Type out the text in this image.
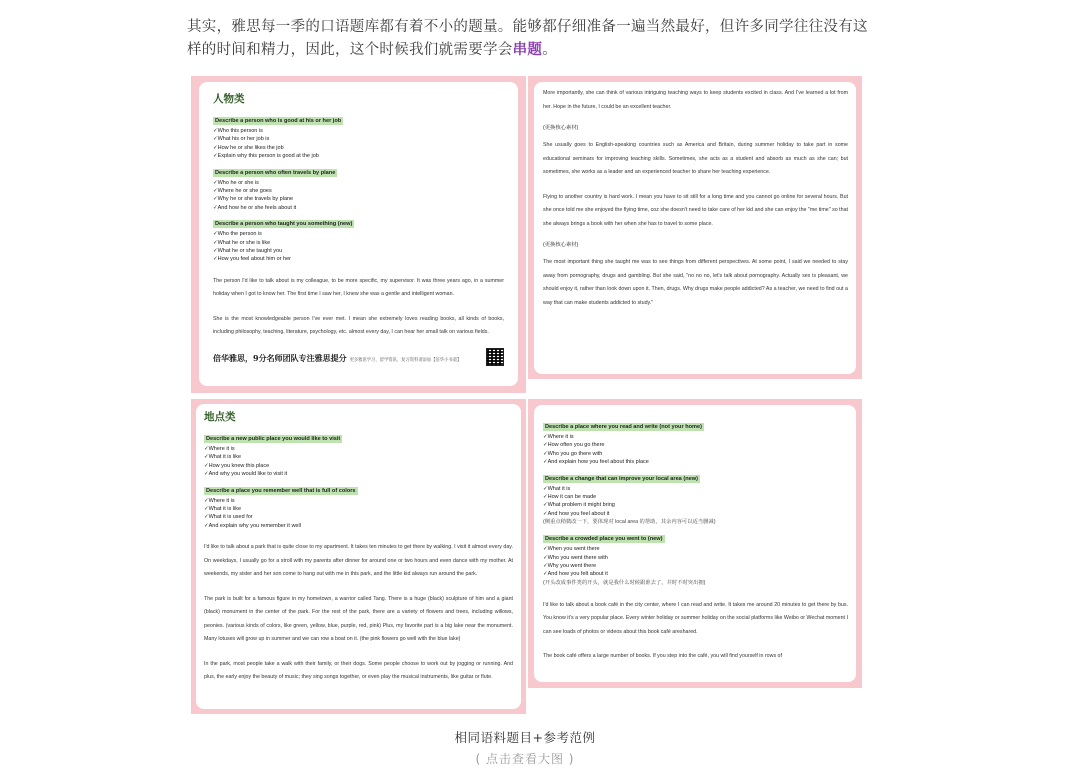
其实，雅思每一季的口语题库都有着不小的题量。能够都仔细准备一遍当然最好，但许多同学往往没有这样的时间和精力，因此，这个时候我们就需要学会串题。
人物类
Describe a person who is good at his or her job
✓ Who this person is
✓ What his or her job is
✓ How he or she likes the job
✓ Explain why this person is good at the job
Describe a person who often travels by plane
✓ Who he or she is
✓ Where he or she goes
✓ Why he or she travels by plane
✓ And how he or she feels about it
Describe a person who taught you something (new)
✓ Who the person is
✓ What he or she is like
✓ What he or she taught you
✓ How you feel about him or her
The person I'd like to talk about is my colleague, to be more specific, my supervisor. It was three years ago, in a summer holiday when I got to know her. The first time I saw her, I knew she was a gentle and intelligent woman.
She is the most knowledgeable person I've ever met. I mean she extremely loves reading books, all kinds of books, including philosophy, teaching, literature, psychology, etc. almost every day, I can hear her small talk on various fields.
倍华雅思，9分名师团队专注雅思提分 更多雅思学习、留学资讯、复习资料请添加【倍华小书童】
More importantly, she can think of various intriguing teaching ways to keep students excited in class. And I've learned a lot from her. Hope in the future, I could be an excellent teacher.
(更换核心素材)
She usually goes to English-speaking countries such as America and Britain, during summer holiday to take part in some educational seminars for improving teaching skills. Sometimes, she acts as a student and absorb as much as she can; but sometimes, she works as a leader and an experienced teacher to share her teaching experience.
Flying to another country is hard work. I mean you have to sit still for a long time and you cannot go online for several hours. But she once told me she enjoyed the flying time, coz she doesn't need to take care of her kid and she can enjoy the "me time" so that she always brings a book with her when she has to travel to some place.
(更换核心素材)
The most important thing she taught me was to see things from different perspectives. At some point, I said we needed to stay away from pornography, drugs and gambling. But she said, "no no no, let's talk about pornography. Actually sex is pleasant, we should enjoy it, rather than look down upon it. Then, drugs. Why drugs make people addicted? As a teacher, we need to find out a way that can make students addicted to study."
地点类
Describe a new public place you would like to visit
✓ Where it is
✓ What it is like
✓ How you knew this place
✓ And why you would like to visit it
Describe a place you remember well that is full of colors
✓ Where it is
✓ What it is like
✓ What it is used for
✓ And explain why you remember it well
I'd like to talk about a park that is quite close to my apartment. It takes ten minutes to get there by walking. I visit it almost every day. On weekdays, I usually go for a stroll with my parents after dinner for around one or two hours and even dance with my mother. At weekends, my sister and her son come to hang out with me in this park, and the little kid always run around the park.
The park is built for a famous figure in my hometown, a warrior called Tang. There is a huge (black) sculpture of him and a giant (black) monument in the center of the park. For the rest of the park, there are a variety of flowers and trees, including willows, peonies. (various kinds of colors, like green, yellow, blue, purple, red, pink) Plus, my favorite part is a big lake near the monument. Many lotuses will grow up in summer and we can row a boat on it. (the pink flowers go well with the blue lake)
In the park, most people take a walk with their family, or their dogs. Some people choose to work out by jogging or running. And plus, the early enjoy the beauty of music; they sing songs together, or even play the musical instruments, like guitar or flute.
Describe a place where you read and write (not your home)
✓ Where it is
✓ How often you go there
✓ Who you go there with
✓ And explain how you feel about this place
Describe a change that can improve your local area (new)
✓ What it is
✓ How it can be made
✓ What problem it might bring
✓ And how you feel about it
(侧重点稍微改一下，要体现对 local area 的帮助，其余内容可以适当删减)
Describe a crowded place you went to (new)
✓ When you went there
✓ Who you went there with
✓ Why you went there
✓ And how you felt about it
(开头改成事件类的开头，就是我什么时候跟谁去了，并时不时突出拥)
I'd like to talk about a book café in the city center, where I can read and write. It takes me around 20 minutes to get there by bus. You know it's a very popular place. Every winter holiday or summer holiday on the social platforms like Weibo or Wechat moment I can see loads of photos or videos about this book café areshared.
The book café offers a large number of books. If you step into the café, you will find yourself in rows of
相同语料题目+参考范例
( 点击查看大图 )
